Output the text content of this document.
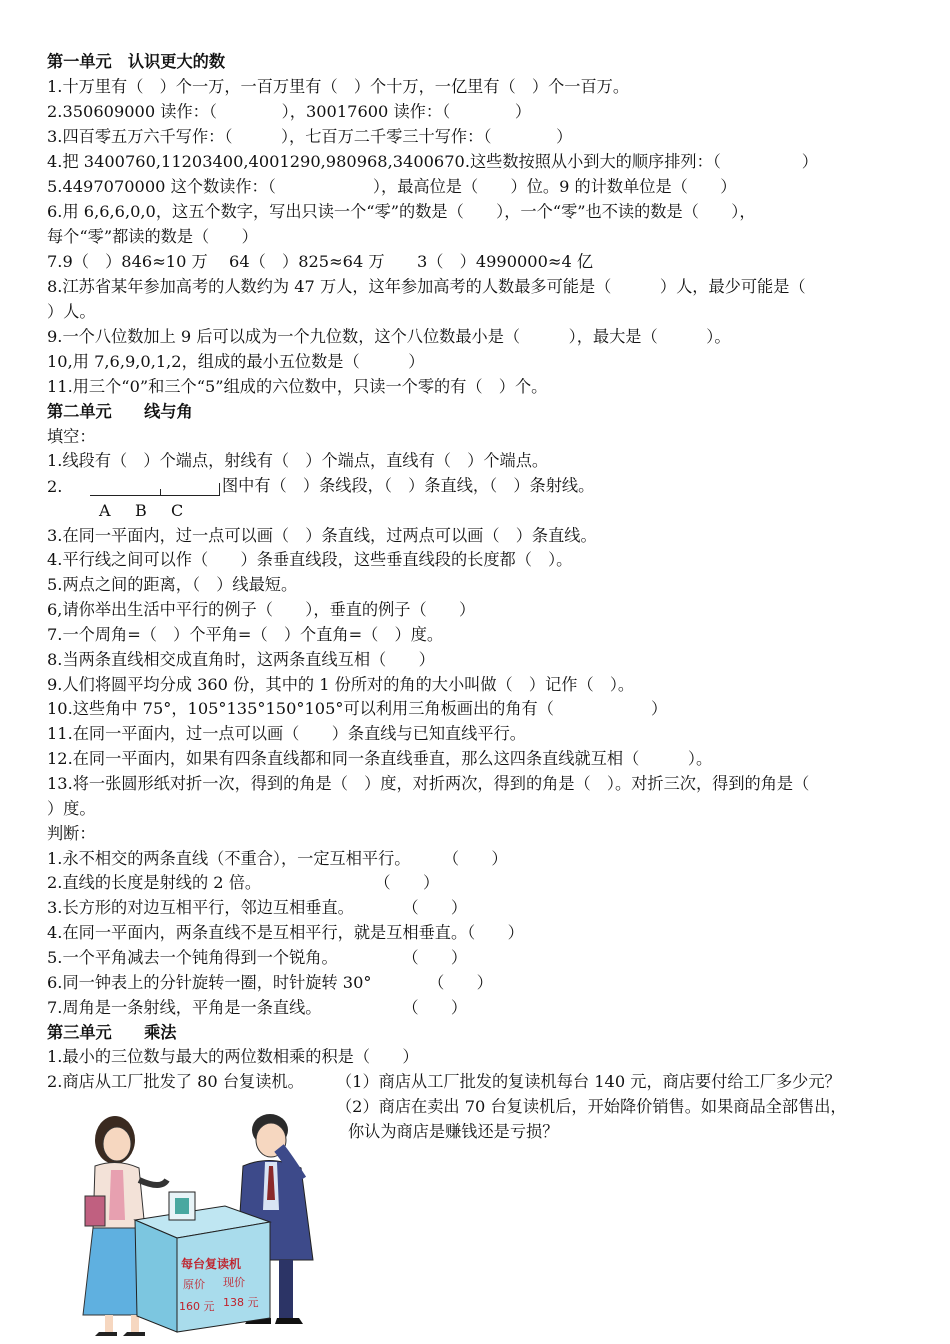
第一单元　认识更大的数
1.十万里有（　）个一万，一百万里有（　）个十万，一亿里有（　）个一百万。
2.350609000 读作：（　　　　），30017600 读作：（　　　　）
3.四百零五万六千写作：（　　　），七百万二千零三十写作：（　　　　）
4.把 3400760,11203400,4001290,980968,3400670.这些数按照从小到大的顺序排列：（　　　　　）
5.4497070000 这个数读作：（　　　　　　），最高位是（　　）位。9 的计数单位是（　　）
6.用 6,6,6,0,0，这五个数字，写出只读一个“零”的数是（　　），一个“零”也不读的数是（　　），
每个“零”都读的数是（　　）
7.9（　）846≈10 万　 64（　）825≈64 万　　3（　）4990000≈4 亿
8.江苏省某年参加高考的人数约为 47 万人，这年参加高考的人数最多可能是（　　　）人，最少可能是（
）人。
9.一个八位数加上 9 后可以成为一个九位数，这个八位数最小是（　　　），最大是（　　　）。
10,用 7,6,9,0,1,2，组成的最小五位数是（　　　）
11.用三个“0”和三个“5”组成的六位数中，只读一个零的有（　）个。
第二单元　　线与角
填空：
1.线段有（　）个端点，射线有（　）个端点，直线有（　）个端点。
2.
A B C
图中有（　）条线段，（　）条直线，（　）条射线。
3.在同一平面内，过一点可以画（　）条直线，过两点可以画（　）条直线。
4.平行线之间可以作（　　）条垂直线段，这些垂直线段的长度都（　）。
5.两点之间的距离，（　）线最短。
6,请你举出生活中平行的例子（　　），垂直的例子（　　）
7.一个周角=（　）个平角=（　）个直角=（　）度。
8.当两条直线相交成直角时，这两条直线互相（　　）
9.人们将圆平均分成 360 份，其中的 1 份所对的角的大小叫做（　）记作（　）。
10.这些角中 75°，105°135°150°105°可以利用三角板画出的角有（　　　　　　）
11.在同一平面内，过一点可以画（　　）条直线与已知直线平行。
12.在同一平面内，如果有四条直线都和同一条直线垂直，那么这四条直线就互相（　　　）。
13.将一张圆形纸对折一次，得到的角是（　）度，对折两次，得到的角是（　）。对折三次，得到的角是（
）度。
判断：
1.永不相交的两条直线（不重合），一定互相平行。　　　（　　）
2.直线的长度是射线的 2 倍。　　　　　　　　（　　）
3.长方形的对边互相平行，邻边互相垂直。　　　　（　　）
4.在同一平面内，两条直线不是互相平行，就是互相垂直。（　　）
5.一个平角减去一个钝角得到一个锐角。　　　　　（　　）
6.同一钟表上的分针旋转一圈，时针旋转 30°　　　　（　　）
7.周角是一条射线，平角是一条直线。　　　　　　（　　）
第三单元　　乘法
1.最小的三位数与最大的两位数相乘的积是（　　）
2.商店从工厂批发了 80 台复读机。 （1）商店从工厂批发的复读机每台 140 元，商店要付给工厂多少元？
（2）商店在卖出 70 台复读机后，开始降价销售。如果商品全部售出，
你认为商店是赚钱还是亏损？
每台复读机
原价 现价
160 元 138 元
